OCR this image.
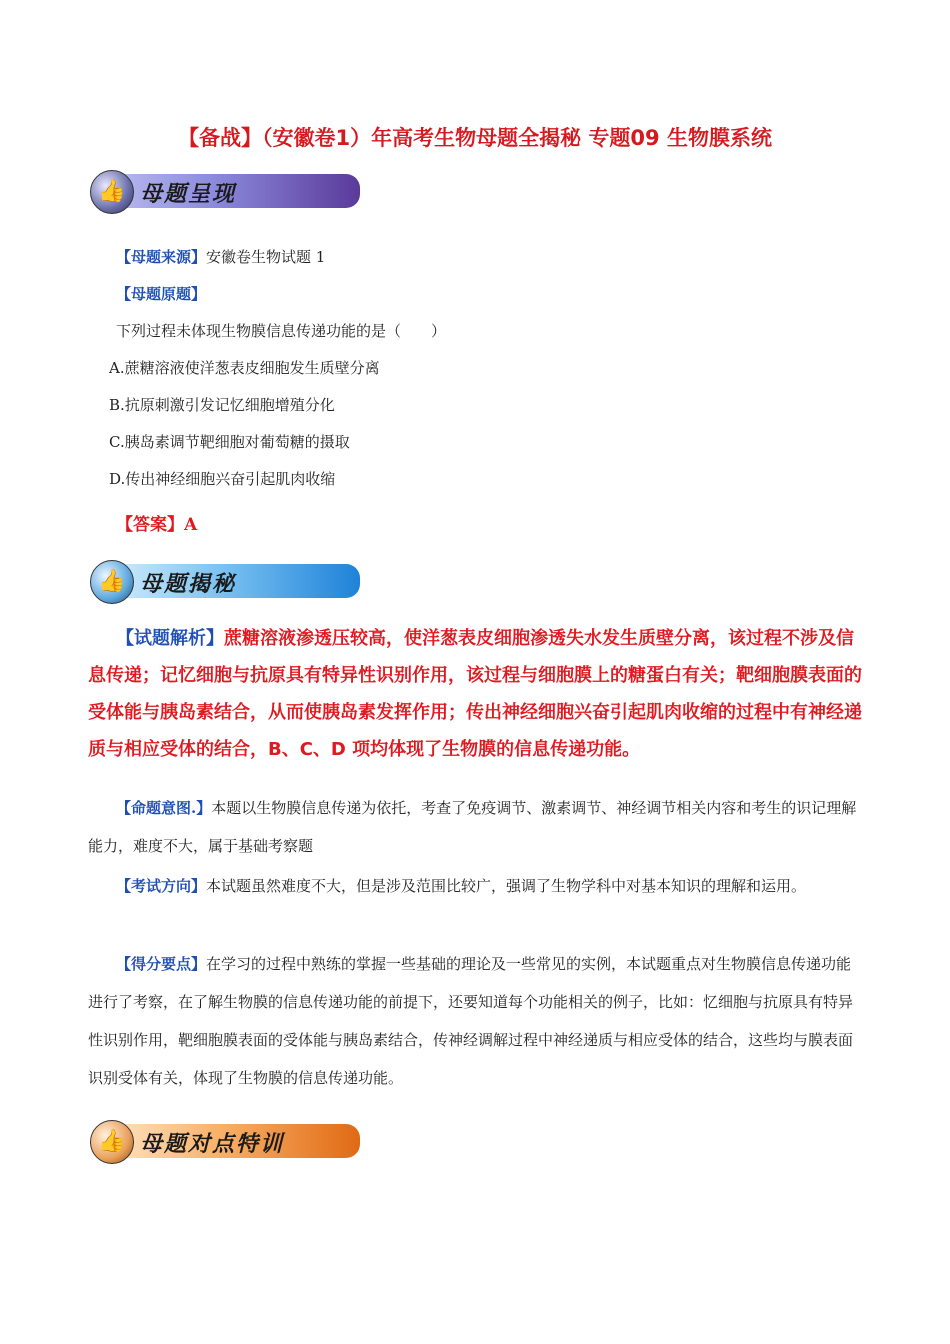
【备战】（安徽卷1）年高考生物母题全揭秘 专题09 生物膜系统
👍 母题呈现
【母题来源】安徽卷生物试题 1
【母题原题】
下列过程未体现生物膜信息传递功能的是（　　）
A.蔗糖溶液使洋葱表皮细胞发生质壁分离
B.抗原刺激引发记忆细胞增殖分化
C.胰岛素调节靶细胞对葡萄糖的摄取
D.传出神经细胞兴奋引起肌肉收缩
【答案】A
👍 母题揭秘
【试题解析】蔗糖溶液渗透压较高，使洋葱表皮细胞渗透失水发生质壁分离，该过程不涉及信息传递；记忆细胞与抗原具有特异性识别作用，该过程与细胞膜上的糖蛋白有关；靶细胞膜表面的受体能与胰岛素结合，从而使胰岛素发挥作用；传出神经细胞兴奋引起肌肉收缩的过程中有神经递质与相应受体的结合，B、C、D 项均体现了生物膜的信息传递功能。
【命题意图.】本题以生物膜信息传递为依托，考查了免疫调节、激素调节、神经调节相关内容和考生的识记理解能力，难度不大，属于基础考察题
【考试方向】本试题虽然难度不大，但是涉及范围比较广，强调了生物学科中对基本知识的理解和运用。
【得分要点】在学习的过程中熟练的掌握一些基础的理论及一些常见的实例，本试题重点对生物膜信息传递功能进行了考察，在了解生物膜的信息传递功能的前提下，还要知道每个功能相关的例子，比如：忆细胞与抗原具有特异性识别作用，靶细胞膜表面的受体能与胰岛素结合，传神经调解过程中神经递质与相应受体的结合，这些均与膜表面识别受体有关，体现了生物膜的信息传递功能。
👍 母题对点特训
